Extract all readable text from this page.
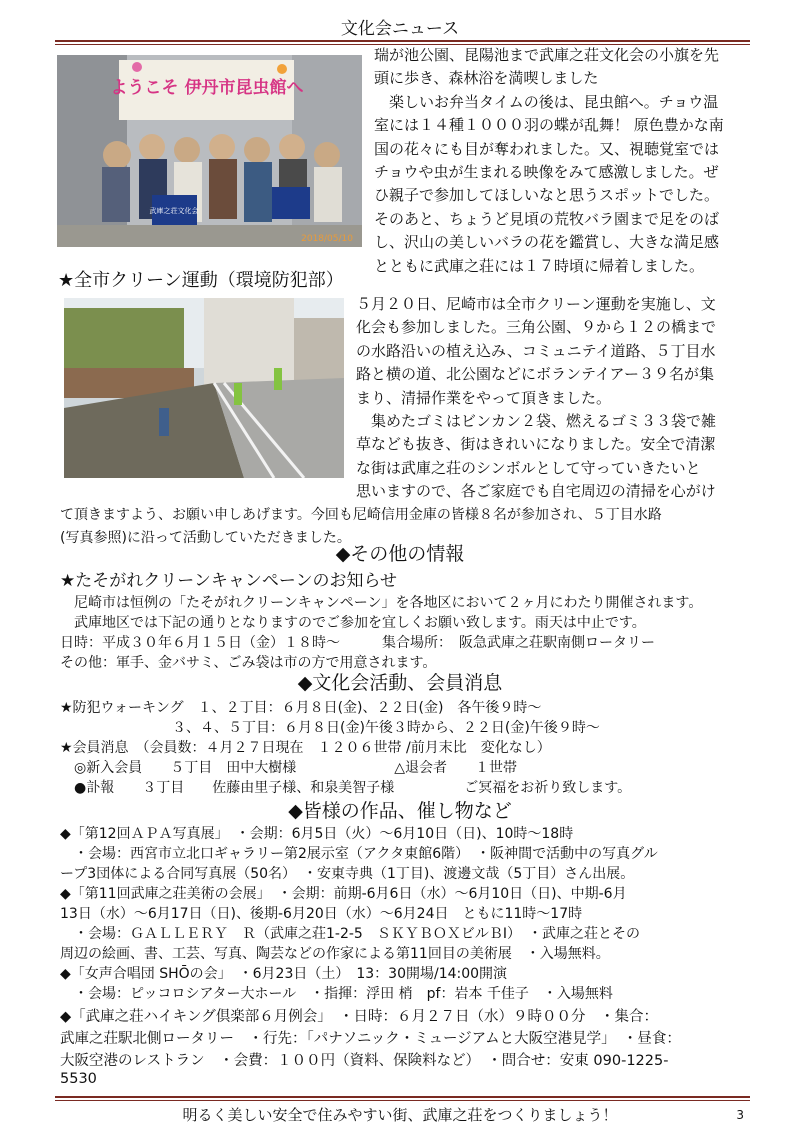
文化会ニュース
ようこそ 伊丹市昆虫館へ
武庫之荘文化会
2018/05/10
瑞が池公園、昆陽池まで武庫之荘文化会の小旗を先
頭に歩き、森林浴を満喫しました
　楽しいお弁当タイムの後は、昆虫館へ。チョウ温
室には１４種１０００羽の蝶が乱舞！ 原色豊かな南
国の花々にも目が奪われました。又、視聴覚室では
チョウや虫が生まれる映像をみて感激しました。ぜ
ひ親子で参加してほしいなと思うスポットでした。
そのあと、ちょうど見頃の荒牧バラ園まで足をのば
し、沢山の美しいバラの花を鑑賞し、大きな満足感
とともに武庫之荘には１７時頃に帰着しました。
★全市クリーン運動（環境防犯部）
５月２０日、尼崎市は全市クリーン運動を実施し、文
化会も参加しました。三角公園、９から１２の橋まで
の水路沿いの植え込み、コミュニテイ道路、５丁目水
路と横の道、北公園などにボランテイアー３９名が集
まり、清掃作業をやって頂きました。
　集めたゴミはビンカン２袋、燃えるゴミ３３袋で雑
草なども抜き、街はきれいになりました。安全で清潔
な街は武庫之荘のシンボルとして守っていきたいと
思いますので、各ご家庭でも自宅周辺の清掃を心がけ
て頂きますよう、お願い申しあげます。今回も尼崎信用金庫の皆様８名が参加され、５丁目水路
(写真参照)に沿って活動していただきました。
◆その他の情報
★たそがれクリーンキャンペーンのお知らせ
　尼崎市は恒例の「たそがれクリーンキャンペーン」を各地区において２ヶ月にわたり開催されます。
　武庫地区では下記の通りとなりますのでご参加を宜しくお願い致します。雨天は中止です。
日時：平成３０年６月１５日（金）１８時～　　　集合場所：　阪急武庫之荘駅南側ロータリー
その他：軍手、金バサミ、ごみ袋は市の方で用意されます。
◆文化会活動、会員消息
★防犯ウォーキング　１、２丁目：６月８日(金)、２２日(金)　各午後９時～
　　　　　　　　３、４、５丁目：６月８日(金)午後３時から、２２日(金)午後９時～
★会員消息　（会員数：４月２７日現在　１２０６世帯 /前月末比　変化なし）
　◎新入会員　　５丁目　田中大樹様　　　　　　　△退会者　　１世帯
　●訃報　　３丁目　　佐藤由里子様、和泉美智子様　　　　　ご冥福をお祈り致します。
◆皆様の作品、催し物など
◆「第12回ＡＰＡ写真展」　・会期：6月5日（火）～6月10日（日)、10時～18時
　・会場：西宮市立北口ギャラリー第2展示室（アクタ東館6階）　・阪神間で活動中の写真グル
ープ3団体による合同写真展（50名）　・安東寺典（1丁目)、渡邊文哉（5丁目）さん出展。
◆「第11回武庫之荘美術の会展」　・会期：前期-6月6日（水）～6月10日（日)、中期-6月
13日（水）～6月17日（日)、後期-6月20日（水）～6月24日　ともに11時～17時
　・会場：ＧＡＬＬＥＲＹ　Ｒ（武庫之荘1-2-5　ＳＫＹＢＯＸビルＢⅠ）　・武庫之荘とその
周辺の絵画、書、工芸、写真、陶芸などの作家による第11回目の美術展　・入場無料。
◆「女声合唱団 SHŌの会」　・6月23日（土）　13：30開場/14:00開演
　・会場：ピッコロシアター大ホール　・指揮：浮田 梢　pf：岩本 千佳子　・入場無料
◆「武庫之荘ハイキング倶楽部６月例会」　・日時：６月２７日（水）９時００分　・集合：
武庫之荘駅北側ロータリー　・行先：｢パナソニック・ミュージアムと大阪空港見学｣　・昼食：
大阪空港のレストラン　・会費：１００円（資料、保険料など）　・問合せ：安東 090-1225-
5530
明るく美しい安全で住みやすい街、武庫之荘をつくりましょう！	3
